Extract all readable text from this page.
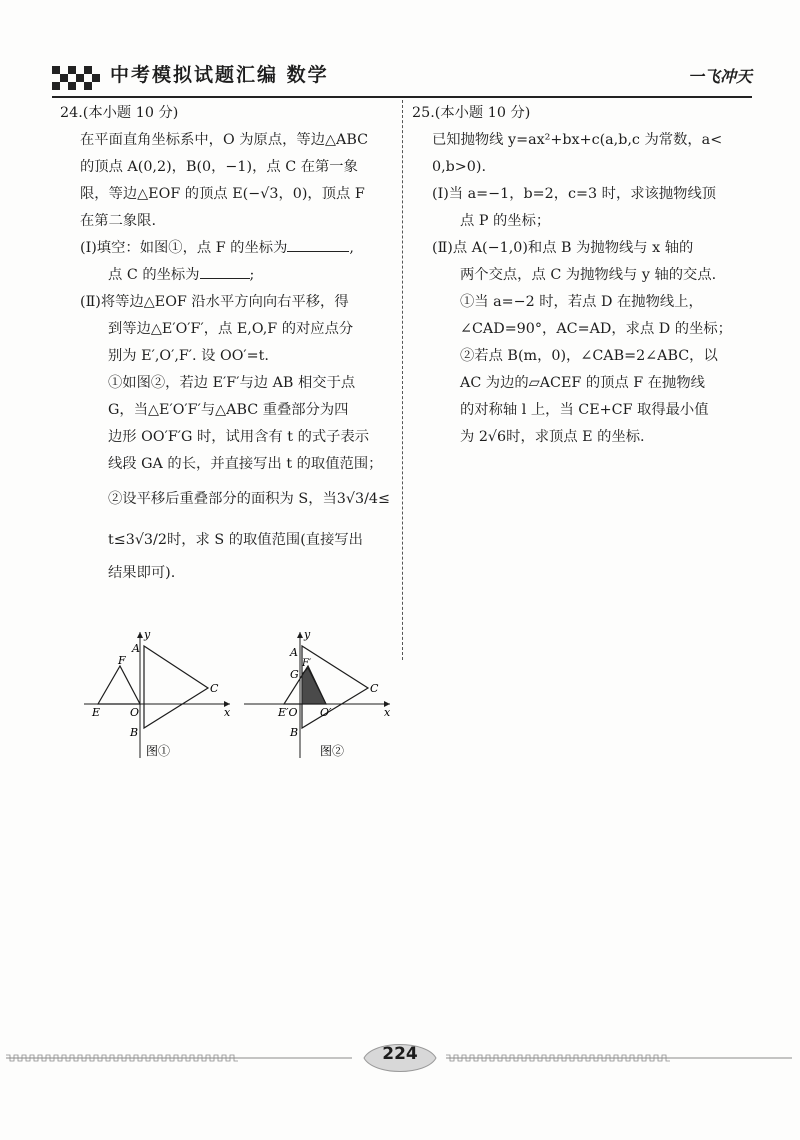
中考模拟试题汇编 数学	一飞冲天

24.(本小题 10 分)

在平面直角坐标系中，O 为原点，等边△ABC

的顶点 A(0,2)，B(0，−1)，点 C 在第一象

限，等边△EOF 的顶点 E(−√3，0)，顶点 F

在第二象限.

(Ⅰ)填空：如图①，点 F 的坐标为	,

点 C 的坐标为	;

(Ⅱ)将等边△EOF 沿水平方向向右平移，得

到等边△E′O′F′，点 E,O,F 的对应点分

别为 E′,O′,F′. 设 OO′=t.

①如图②，若边 E′F′与边 AB 相交于点

G，当△E′O′F′与△ABC 重叠部分为四

边形 OO′F′G 时，试用含有 t 的式子表示

线段 GA 的长，并直接写出 t 的取值范围；

②设平移后重叠部分的面积为 S，当3√3/4≤

t≤3√3/2时，求 S 的取值范围(直接写出

结果即可).

y
A
F
C
E	O	x
B
图①
y
A
F′
G
C
E′O O′	x
B
图②

25.(本小题 10 分)

已知抛物线 y=ax²+bx+c(a,b,c 为常数，a<

0,b>0).

(Ⅰ)当 a=−1，b=2，c=3 时，求该抛物线顶

点 P 的坐标；

(Ⅱ)点 A(−1,0)和点 B 为抛物线与 x 轴的

两个交点，点 C 为抛物线与 y 轴的交点.

①当 a=−2 时，若点 D 在抛物线上，

∠CAD=90°，AC=AD，求点 D 的坐标；

②若点 B(m，0)，∠CAB=2∠ABC，以

AC 为边的▱ACEF 的顶点 F 在抛物线

的对称轴 l 上，当 CE+CF 取得最小值

为 2√6时，求顶点 E 的坐标.

224
